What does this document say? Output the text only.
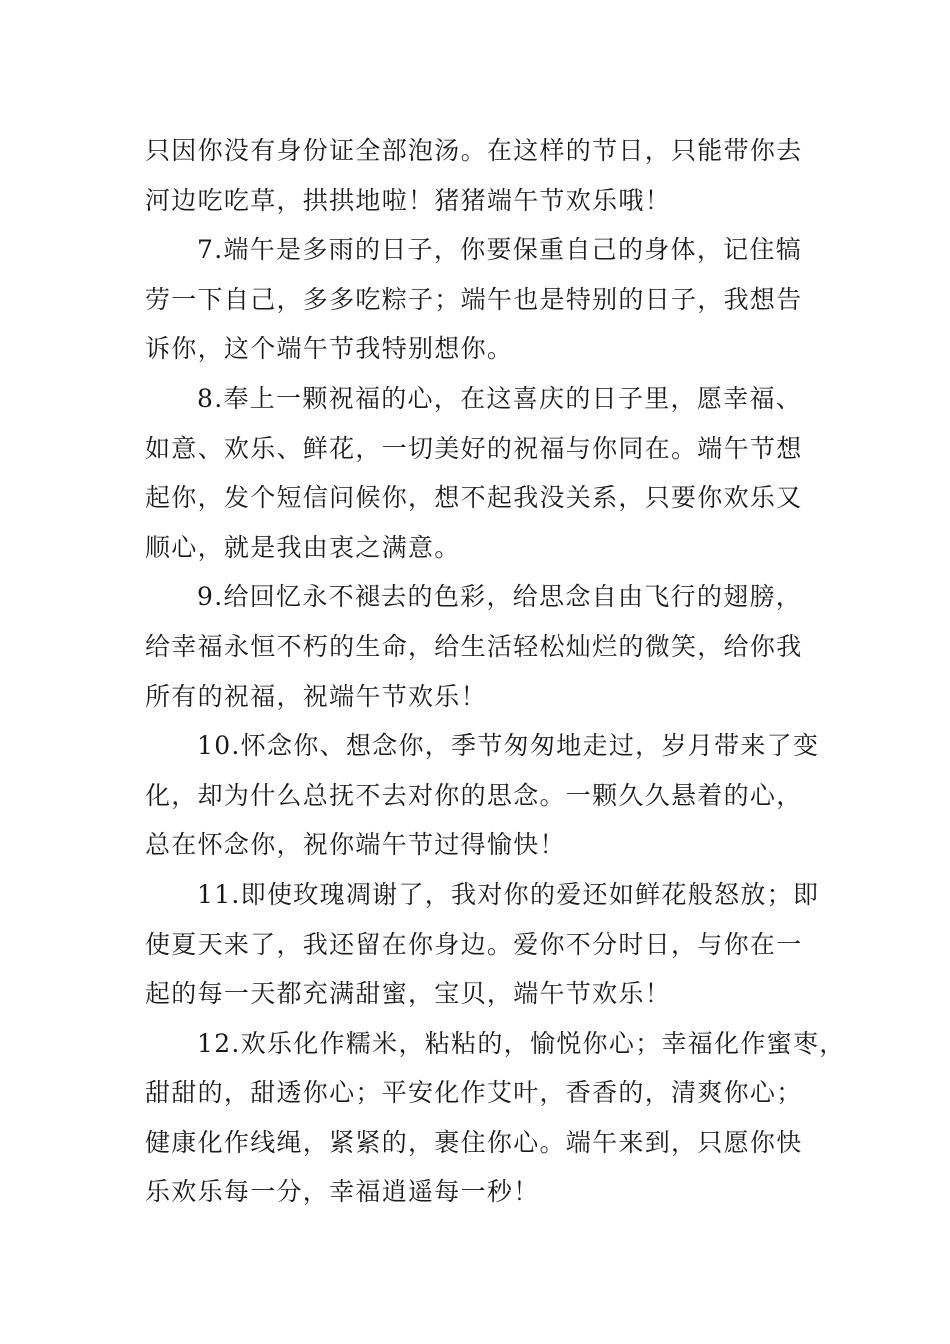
只因你没有身份证全部泡汤。在这样的节日，只能带你去
河边吃吃草，拱拱地啦！猪猪端午节欢乐哦！
7.端午是多雨的日子，你要保重自己的身体，记住犒
劳一下自己，多多吃粽子；端午也是特别的日子，我想告
诉你，这个端午节我特别想你。
8.奉上一颗祝福的心，在这喜庆的日子里，愿幸福、
如意、欢乐、鲜花，一切美好的祝福与你同在。端午节想
起你，发个短信问候你，想不起我没关系，只要你欢乐又
顺心，就是我由衷之满意。
9.给回忆永不褪去的色彩，给思念自由飞行的翅膀，
给幸福永恒不朽的生命，给生活轻松灿烂的微笑，给你我
所有的祝福，祝端午节欢乐！
10.怀念你、想念你，季节匆匆地走过，岁月带来了变
化，却为什么总抚不去对你的思念。一颗久久悬着的心，
总在怀念你，祝你端午节过得愉快！
11.即使玫瑰凋谢了，我对你的爱还如鲜花般怒放；即
使夏天来了，我还留在你身边。爱你不分时日，与你在一
起的每一天都充满甜蜜，宝贝，端午节欢乐！
12.欢乐化作糯米，粘粘的，愉悦你心；幸福化作蜜枣，
甜甜的，甜透你心；平安化作艾叶，香香的，清爽你心；
健康化作线绳，紧紧的，裹住你心。端午来到，只愿你快
乐欢乐每一分，幸福逍遥每一秒！
